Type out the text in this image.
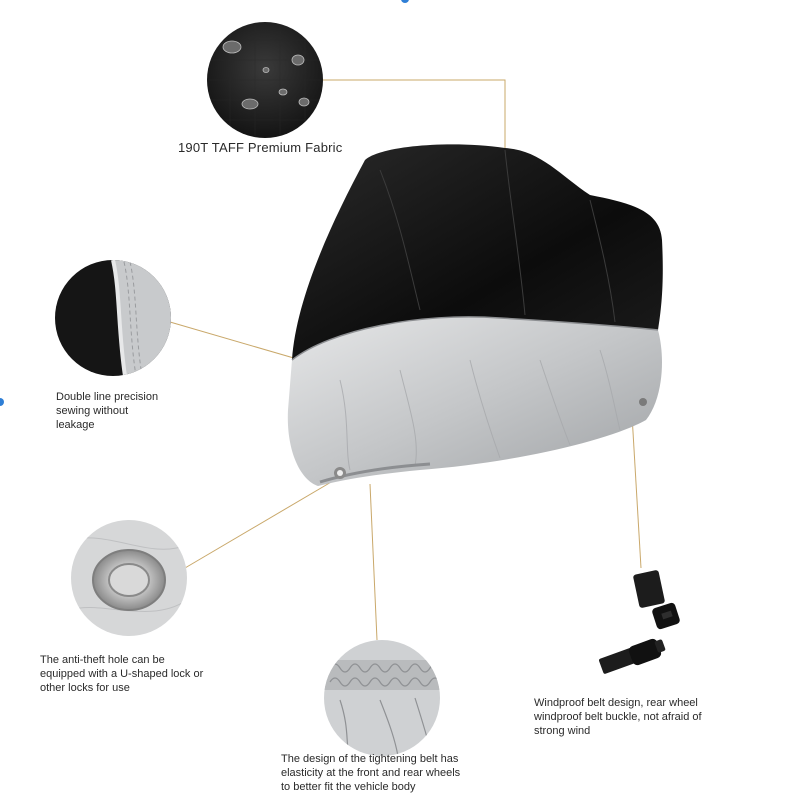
190T TAFF Premium Fabric
Double line precision
sewing without
leakage
The anti-theft hole can be
equipped with a U-shaped lock or
other locks for use
The design of the tightening belt has
elasticity at the front and rear wheels
to better fit the vehicle body
Windproof belt design, rear wheel
windproof belt buckle, not afraid of
strong wind
